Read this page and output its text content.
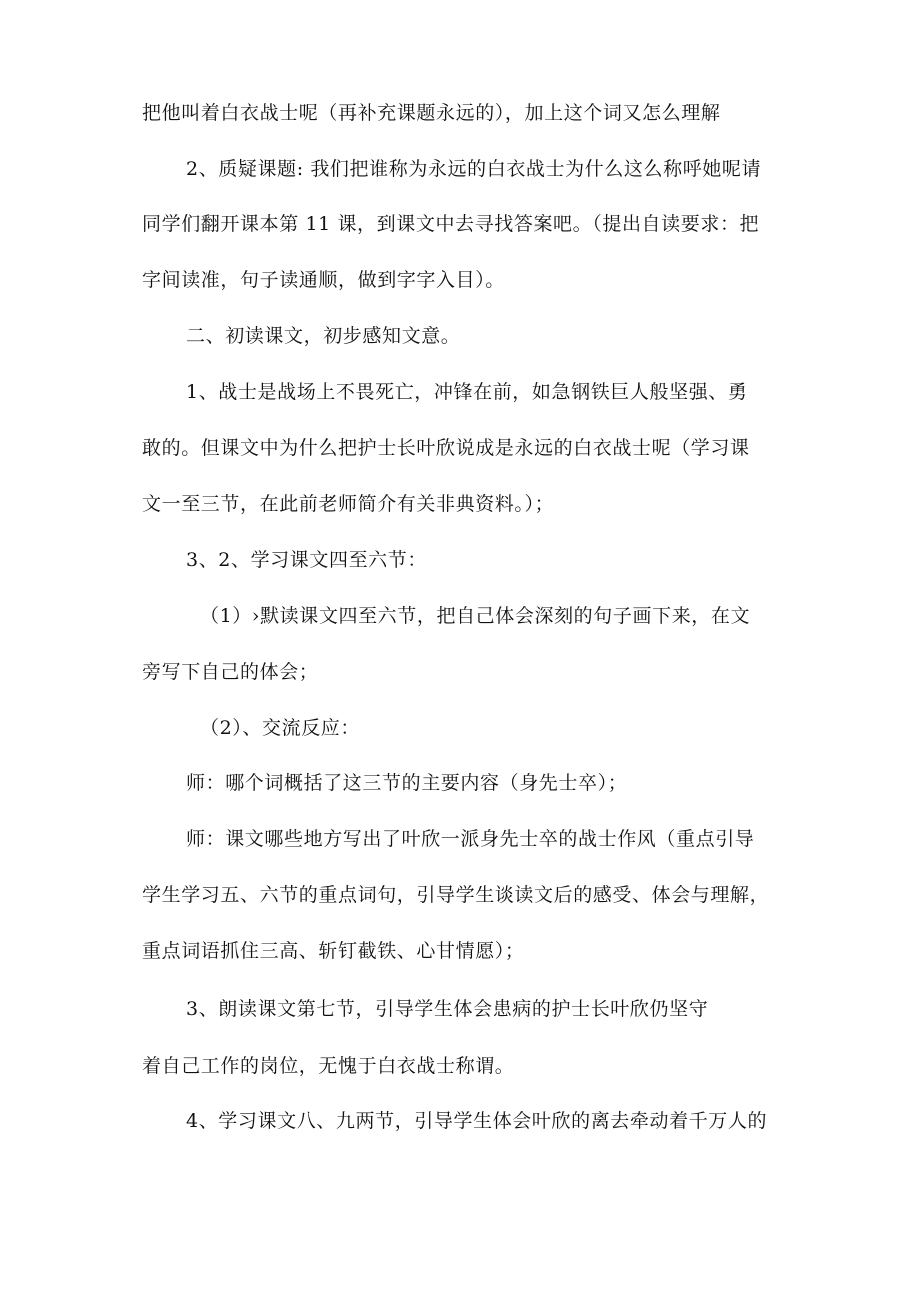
把他叫着白衣战士呢（再补充课题永远的），加上这个词又怎么理解
2、质疑课题: 我们把谁称为永远的白衣战士为什么这么称呼她呢请
同学们翻开课本第 11 课，到课文中去寻找答案吧。（提出自读要求：把
字间读准，句子读通顺，做到字字入目）。
二、初读课文，初步感知文意。
1、战士是战场上不畏死亡，冲锋在前，如急钢铁巨人般坚强、勇
敢的。但课文中为什么把护士长叶欣说成是永远的白衣战士呢（学习课
文一至三节，在此前老师简介有关非典资料。）；
3、2、学习课文四至六节：
（1）›默读课文四至六节，把自己体会深刻的句子画下来，在文
旁写下自己的体会；
（2）、交流反应：
师：哪个词概括了这三节的主要内容（身先士卒）；
师：课文哪些地方写出了叶欣一派身先士卒的战士作风（重点引导
学生学习五、六节的重点词句，引导学生谈读文后的感受、体会与理解，
重点词语抓住三高、斩钉截铁、心甘情愿）；
3、朗读课文第七节，引导学生体会患病的护士长叶欣仍坚守
着自己工作的岗位，无愧于白衣战士称谓。
4、学习课文八、九两节，引导学生体会叶欣的离去牵动着千万人的
